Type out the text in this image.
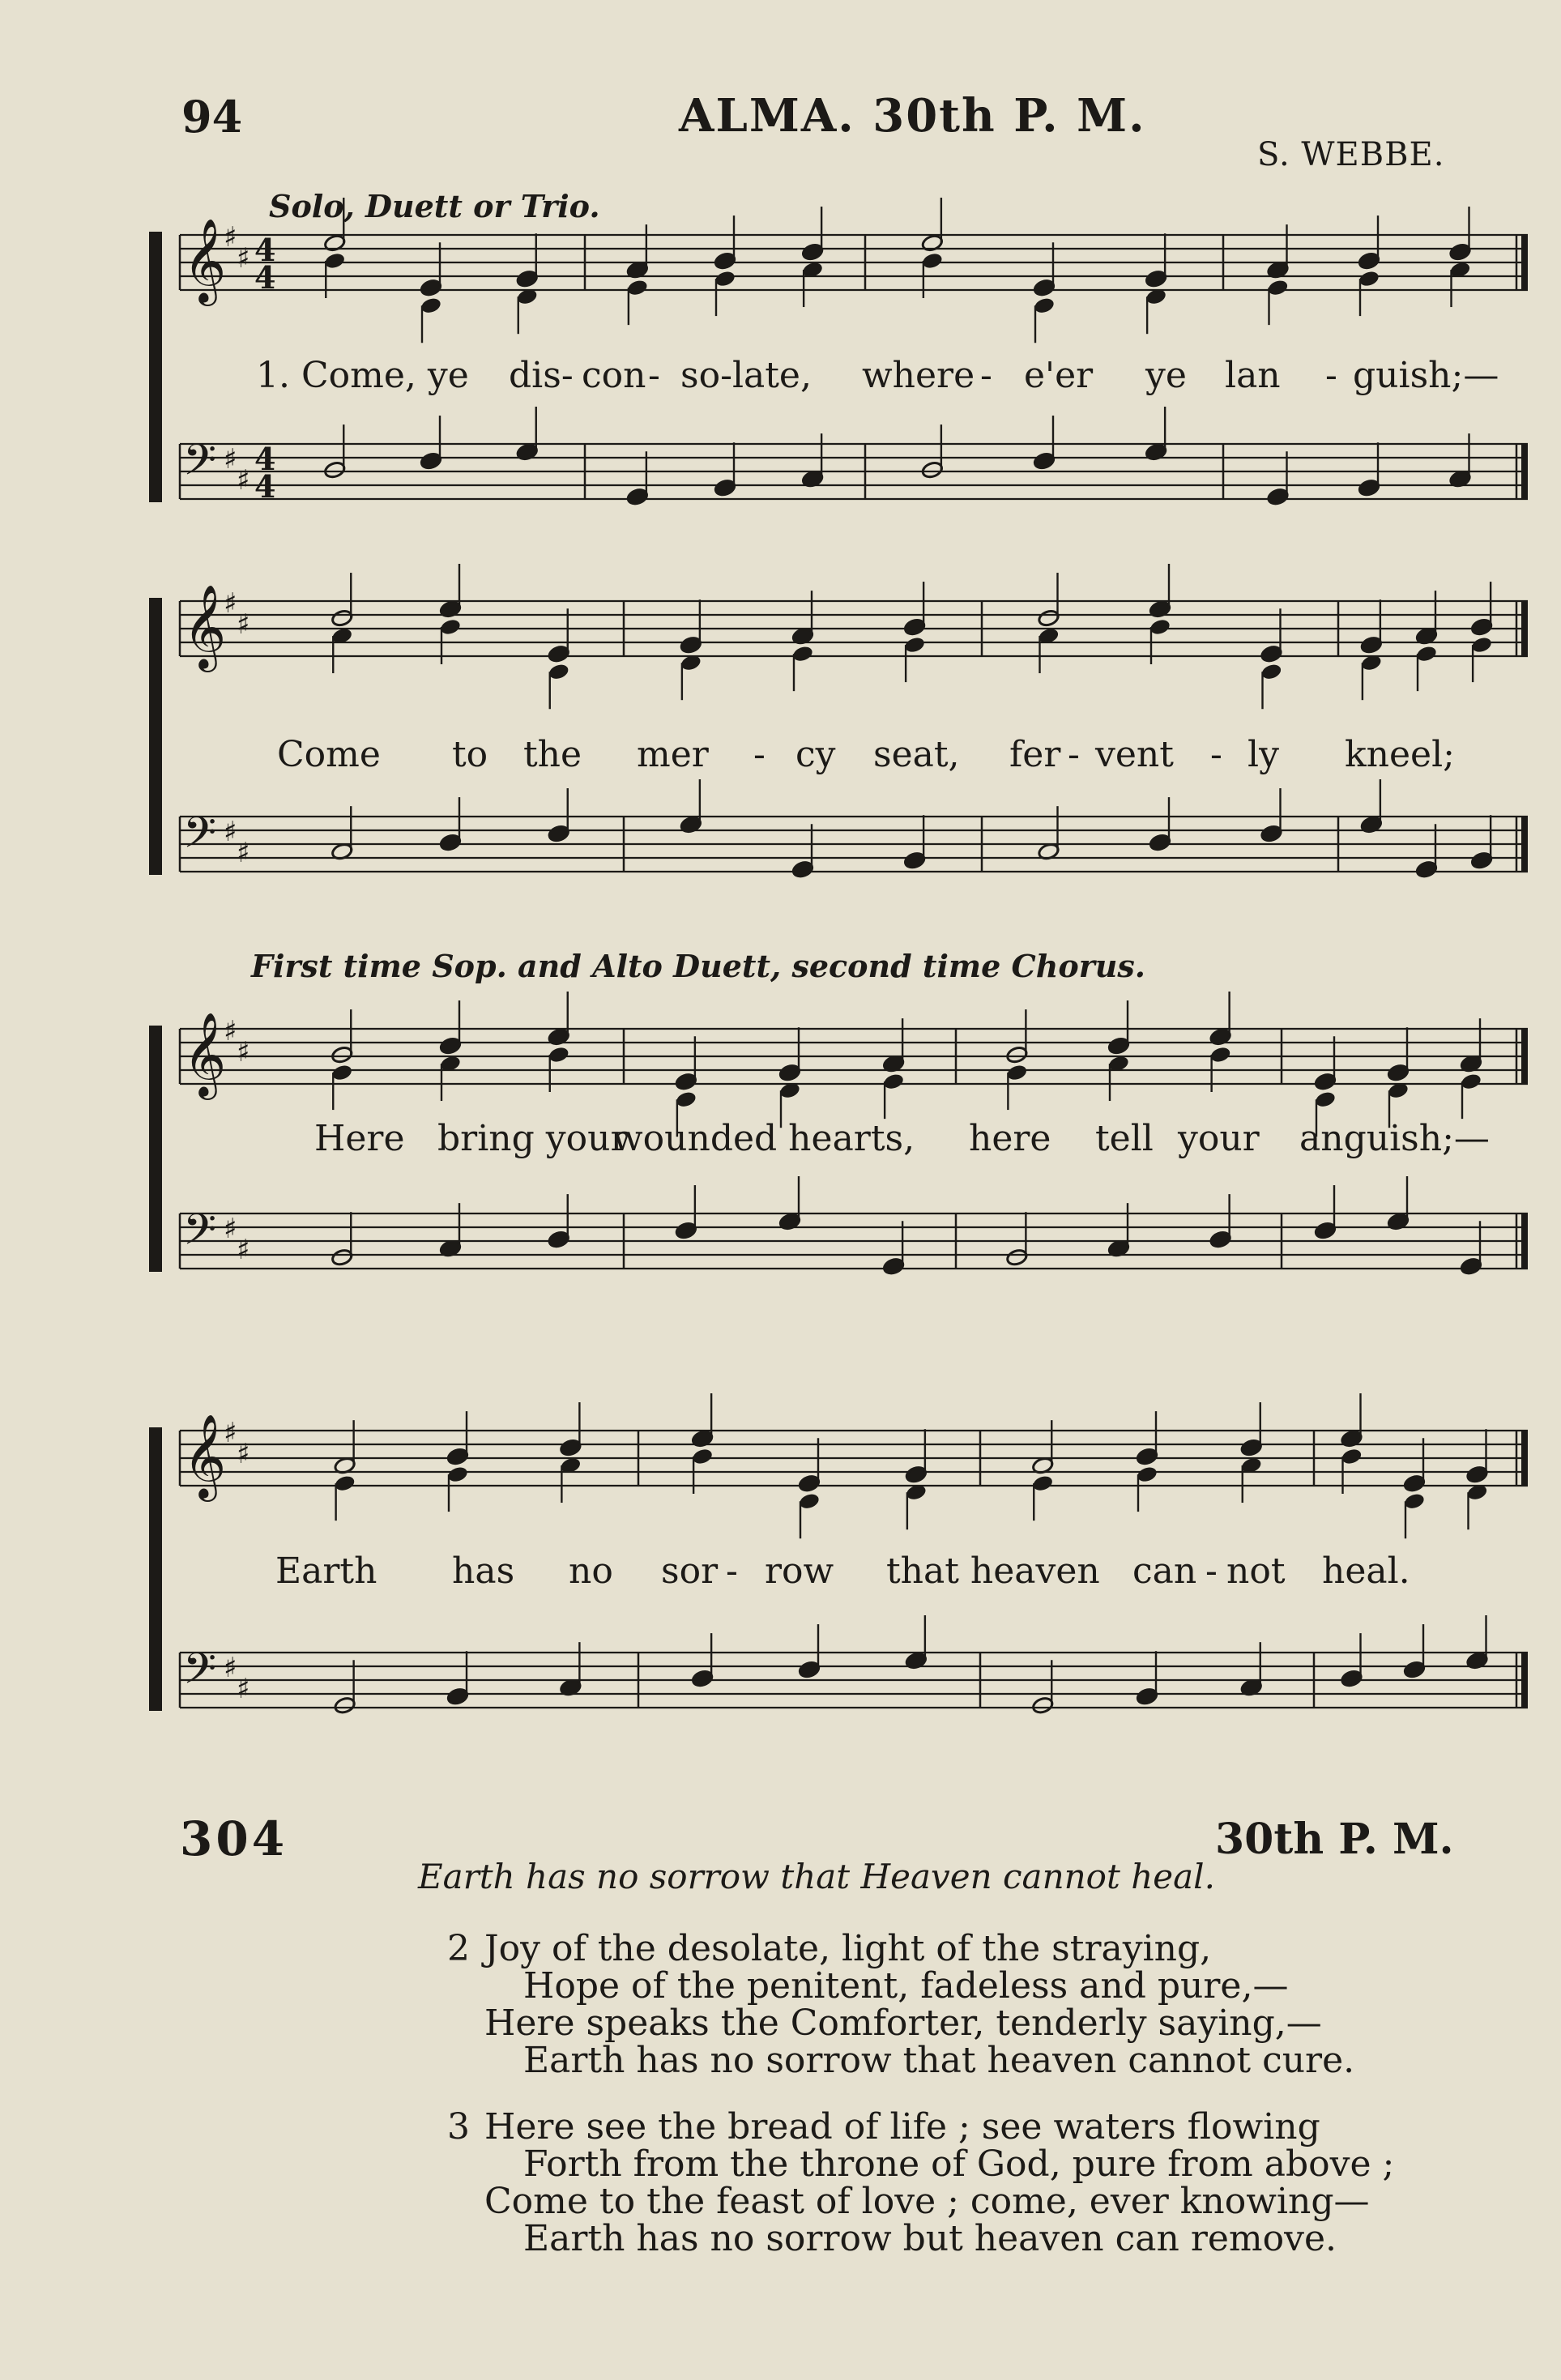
94	ALMA. 30th P. M.
S. WEBBE.
Solo, Duett or Trio.
First time Sop. and Alto Duett, second time Chorus.
𝄞
♯
♯ 4
4
𝄢 ♯
♯
4
4
𝄞
♯
♯
𝄢 ♯
♯
𝄞
♯
♯
𝄢 ♯
♯
𝄞
♯
♯
𝄢 ♯
♯
1. Come, ye dis- con - so-late, where - e'er ye lan - guish;—
Come to the mer - cy seat, fer - vent - ly kneel;
Here bring your
wounded hearts, here tell your anguish;—
Earth has no sor - row that heaven can - not heal.
304	30th P. M.
Earth has no sorrow that Heaven cannot heal.
2 Joy of the desolate, light of the straying,
Hope of the penitent, fadeless and pure,—
Here speaks the Comforter, tenderly saying,—
Earth has no sorrow that heaven cannot cure.
3 Here see the bread of life ; see waters flowing
Forth from the throne of God, pure from above ;
Come to the feast of love ; come, ever knowing—
Earth has no sorrow but heaven can remove.
